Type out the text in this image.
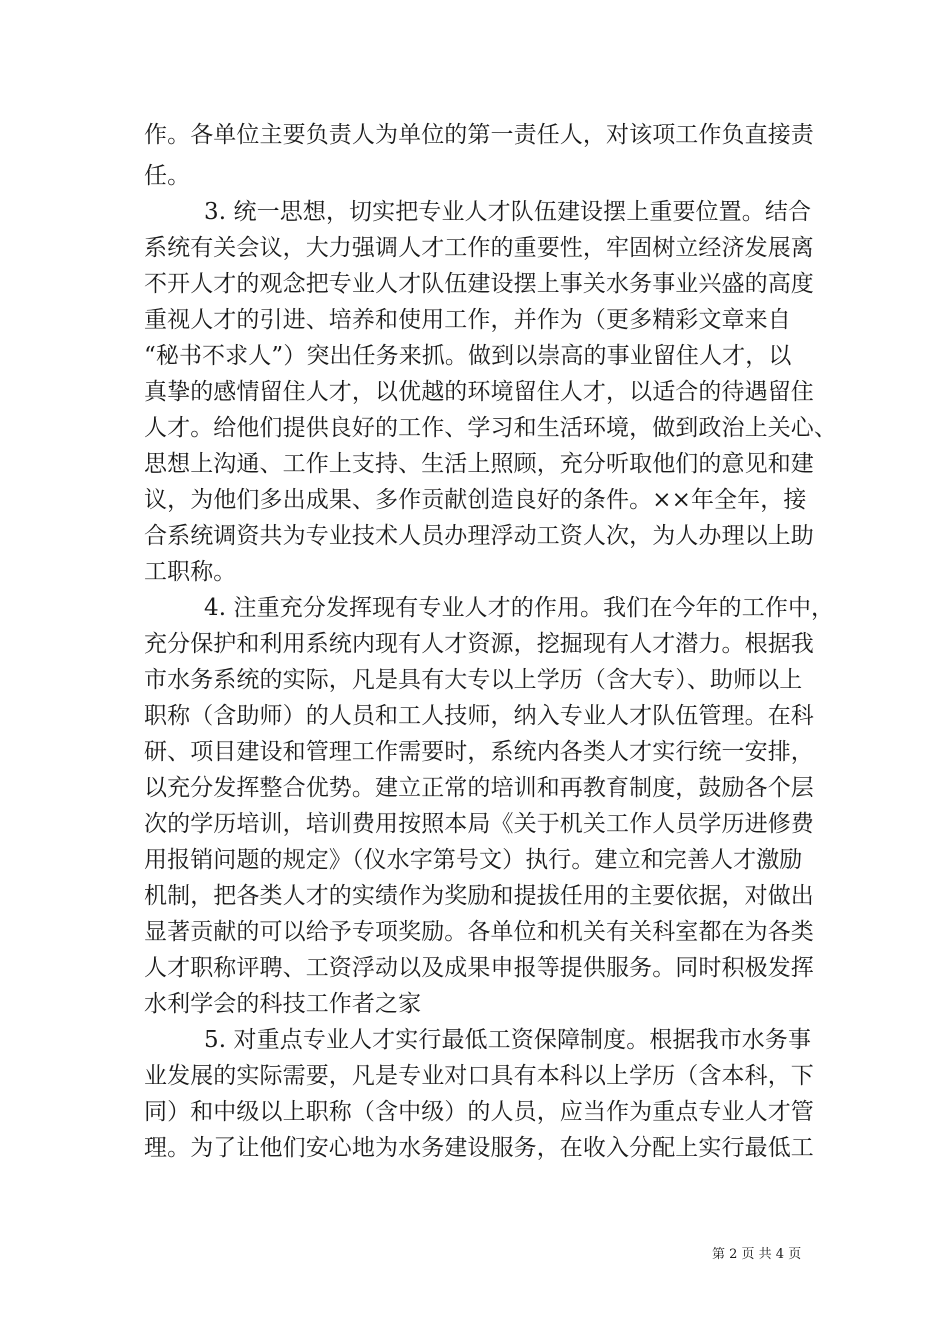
作。各单位主要负责人为单位的第一责任人，对该项工作负直接责
任。
3. 统一思想，切实把专业人才队伍建设摆上重要位置。结合
系统有关会议，大力强调人才工作的重要性，牢固树立经济发展离
不开人才的观念把专业人才队伍建设摆上事关水务事业兴盛的高度
重视人才的引进、培养和使用工作，并作为（更多精彩文章来自
“秘书不求人”）突出任务来抓。做到以崇高的事业留住人才，以
真挚的感情留住人才，以优越的环境留住人才，以适合的待遇留住
人才。给他们提供良好的工作、学习和生活环境，做到政治上关心、
思想上沟通、工作上支持、生活上照顾，充分听取他们的意见和建
议，为他们多出成果、多作贡献创造良好的条件。××年全年，接
合系统调资共为专业技术人员办理浮动工资人次，为人办理以上助
工职称。
4. 注重充分发挥现有专业人才的作用。我们在今年的工作中，
充分保护和利用系统内现有人才资源，挖掘现有人才潜力。根据我
市水务系统的实际，凡是具有大专以上学历（含大专）、助师以上
职称（含助师）的人员和工人技师，纳入专业人才队伍管理。在科
研、项目建设和管理工作需要时，系统内各类人才实行统一安排，
以充分发挥整合优势。建立正常的培训和再教育制度，鼓励各个层
次的学历培训，培训费用按照本局《关于机关工作人员学历进修费
用报销问题的规定》（仪水字第号文）执行。建立和完善人才激励
机制，把各类人才的实绩作为奖励和提拔任用的主要依据，对做出
显著贡献的可以给予专项奖励。各单位和机关有关科室都在为各类
人才职称评聘、工资浮动以及成果申报等提供服务。同时积极发挥
水利学会的科技工作者之家
5. 对重点专业人才实行最低工资保障制度。根据我市水务事
业发展的实际需要，凡是专业对口具有本科以上学历（含本科，下
同）和中级以上职称（含中级）的人员，应当作为重点专业人才管
理。为了让他们安心地为水务建设服务，在收入分配上实行最低工
第 2 页 共 4 页
